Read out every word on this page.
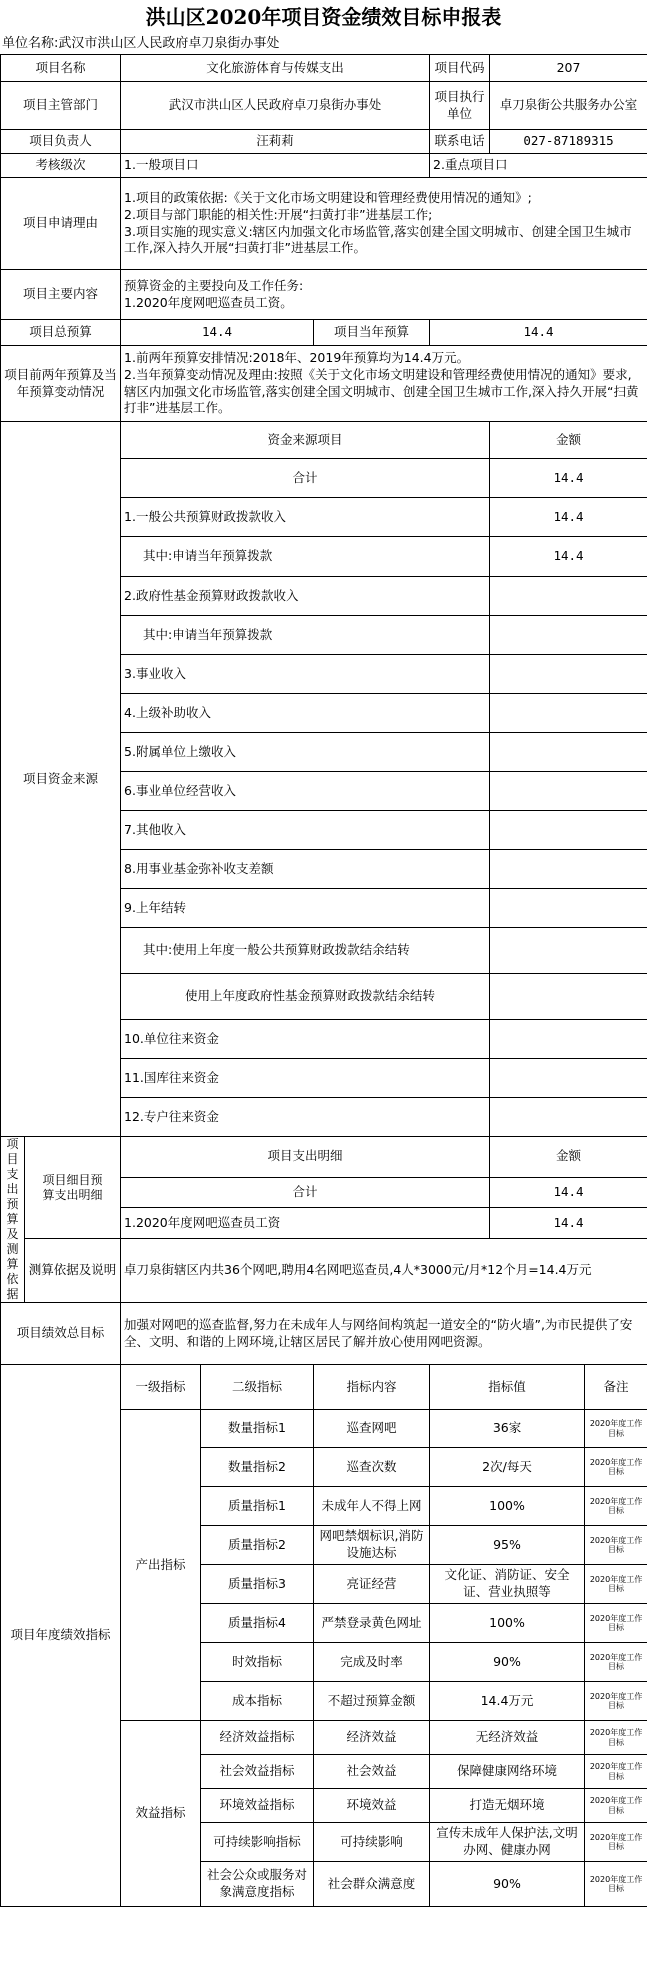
洪山区2020年项目资金绩效目标申报表
单位名称:武汉市洪山区人民政府卓刀泉街办事处
项目名称		文化旅游体育与传媒支出			项目代码	207	
项目主管部门		武汉市洪山区人民政府卓刀泉街办事处			项目执行单位	卓刀泉街公共服务办公室	
项目负责人		汪莉莉			联系电话	027-87189315	
考核级次		1.一般项目口			2.重点项目口		
项目申请理由		1.项目的政策依据:《关于文化市场文明建设和管理经费使用情况的通知》;
2.项目与部门职能的相关性:开展“扫黄打非”进基层工作;
3.项目实施的现实意义:辖区内加强文化市场监管,落实创建全国文明城市、创建全国卫生城市工作,深入持久开展“扫黄打非”进基层工作。					

项目主要内容		预算资金的主要投向及工作任务:
1.2020年度网吧巡查员工资。					

项目总预算		14.4		项目当年预算	14.4		
项目前两年预算及当年预算变动情况		1.前两年预算安排情况:2018年、2019年预算均为14.4万元。
2.当年预算变动情况及理由:按照《关于文化市场文明建设和管理经费使用情况的通知》要求,辖区内加强文化市场监管,落实创建全国文明城市、创建全国卫生城市工作,深入持久开展“扫黄打非”进基层工作。					

项目资金来源		资金来源项目				金额	
		合计				14.4	
		1.一般公共预算财政拨款收入				14.4	
		其中:申请当年预算拨款				14.4	
		2.政府性基金预算财政拨款收入					
		其中:申请当年预算拨款					
		3.事业收入					
		4.上级补助收入					
		5.附属单位上缴收入					
		6.事业单位经营收入					
		7.其他收入					
		8.用事业基金弥补收支差额					
		9.上年结转					
		其中:使用上年度一般公共预算财政拨款结余结转					
		使用上年度政府性基金预算财政拨款结余结转					
		10.单位往来资金					
		11.国库往来资金					
		12.专户往来资金					
项目支出预算及测算依据	项目细目预算支出明细	项目支出明细				金额	
		合计				14.4	
		1.2020年度网吧巡查员工资				14.4	
	测算依据及说明	卓刀泉街辖区内共36个网吧,聘用4名网吧巡查员,4人*3000元/月*12个月=14.4万元					
项目绩效总目标		加强对网吧的巡查监督,努力在未成年人与网络间构筑起一道安全的“防火墙”,为市民提供了安全、文明、和谐的上网环境,让辖区居民了解并放心使用网吧资源。					
项目年度绩效指标		一级指标	二级指标	指标内容	指标值		备注
		产出指标	数量指标1	巡查网吧	36家		2020年度工作目标
			数量指标2	巡查次数	2次/每天		2020年度工作目标
			质量指标1	未成年人不得上网	100%		2020年度工作目标
			质量指标2	网吧禁烟标识,消防设施达标	95%		2020年度工作目标
			质量指标3	亮证经营	文化证、消防证、安全证、营业执照等		2020年度工作目标
			质量指标4	严禁登录黄色网址	100%		2020年度工作目标
			时效指标	完成及时率	90%		2020年度工作目标
			成本指标	不超过预算金额	14.4万元		2020年度工作目标
		效益指标	经济效益指标	经济效益	无经济效益		2020年度工作目标
			社会效益指标	社会效益	保障健康网络环境		2020年度工作目标
			环境效益指标	环境效益	打造无烟环境		2020年度工作目标
			可持续影响指标	可持续影响	宣传未成年人保护法,文明办网、健康办网		2020年度工作目标
			社会公众或服务对象满意度指标	社会群众满意度	90%		2020年度工作目标
